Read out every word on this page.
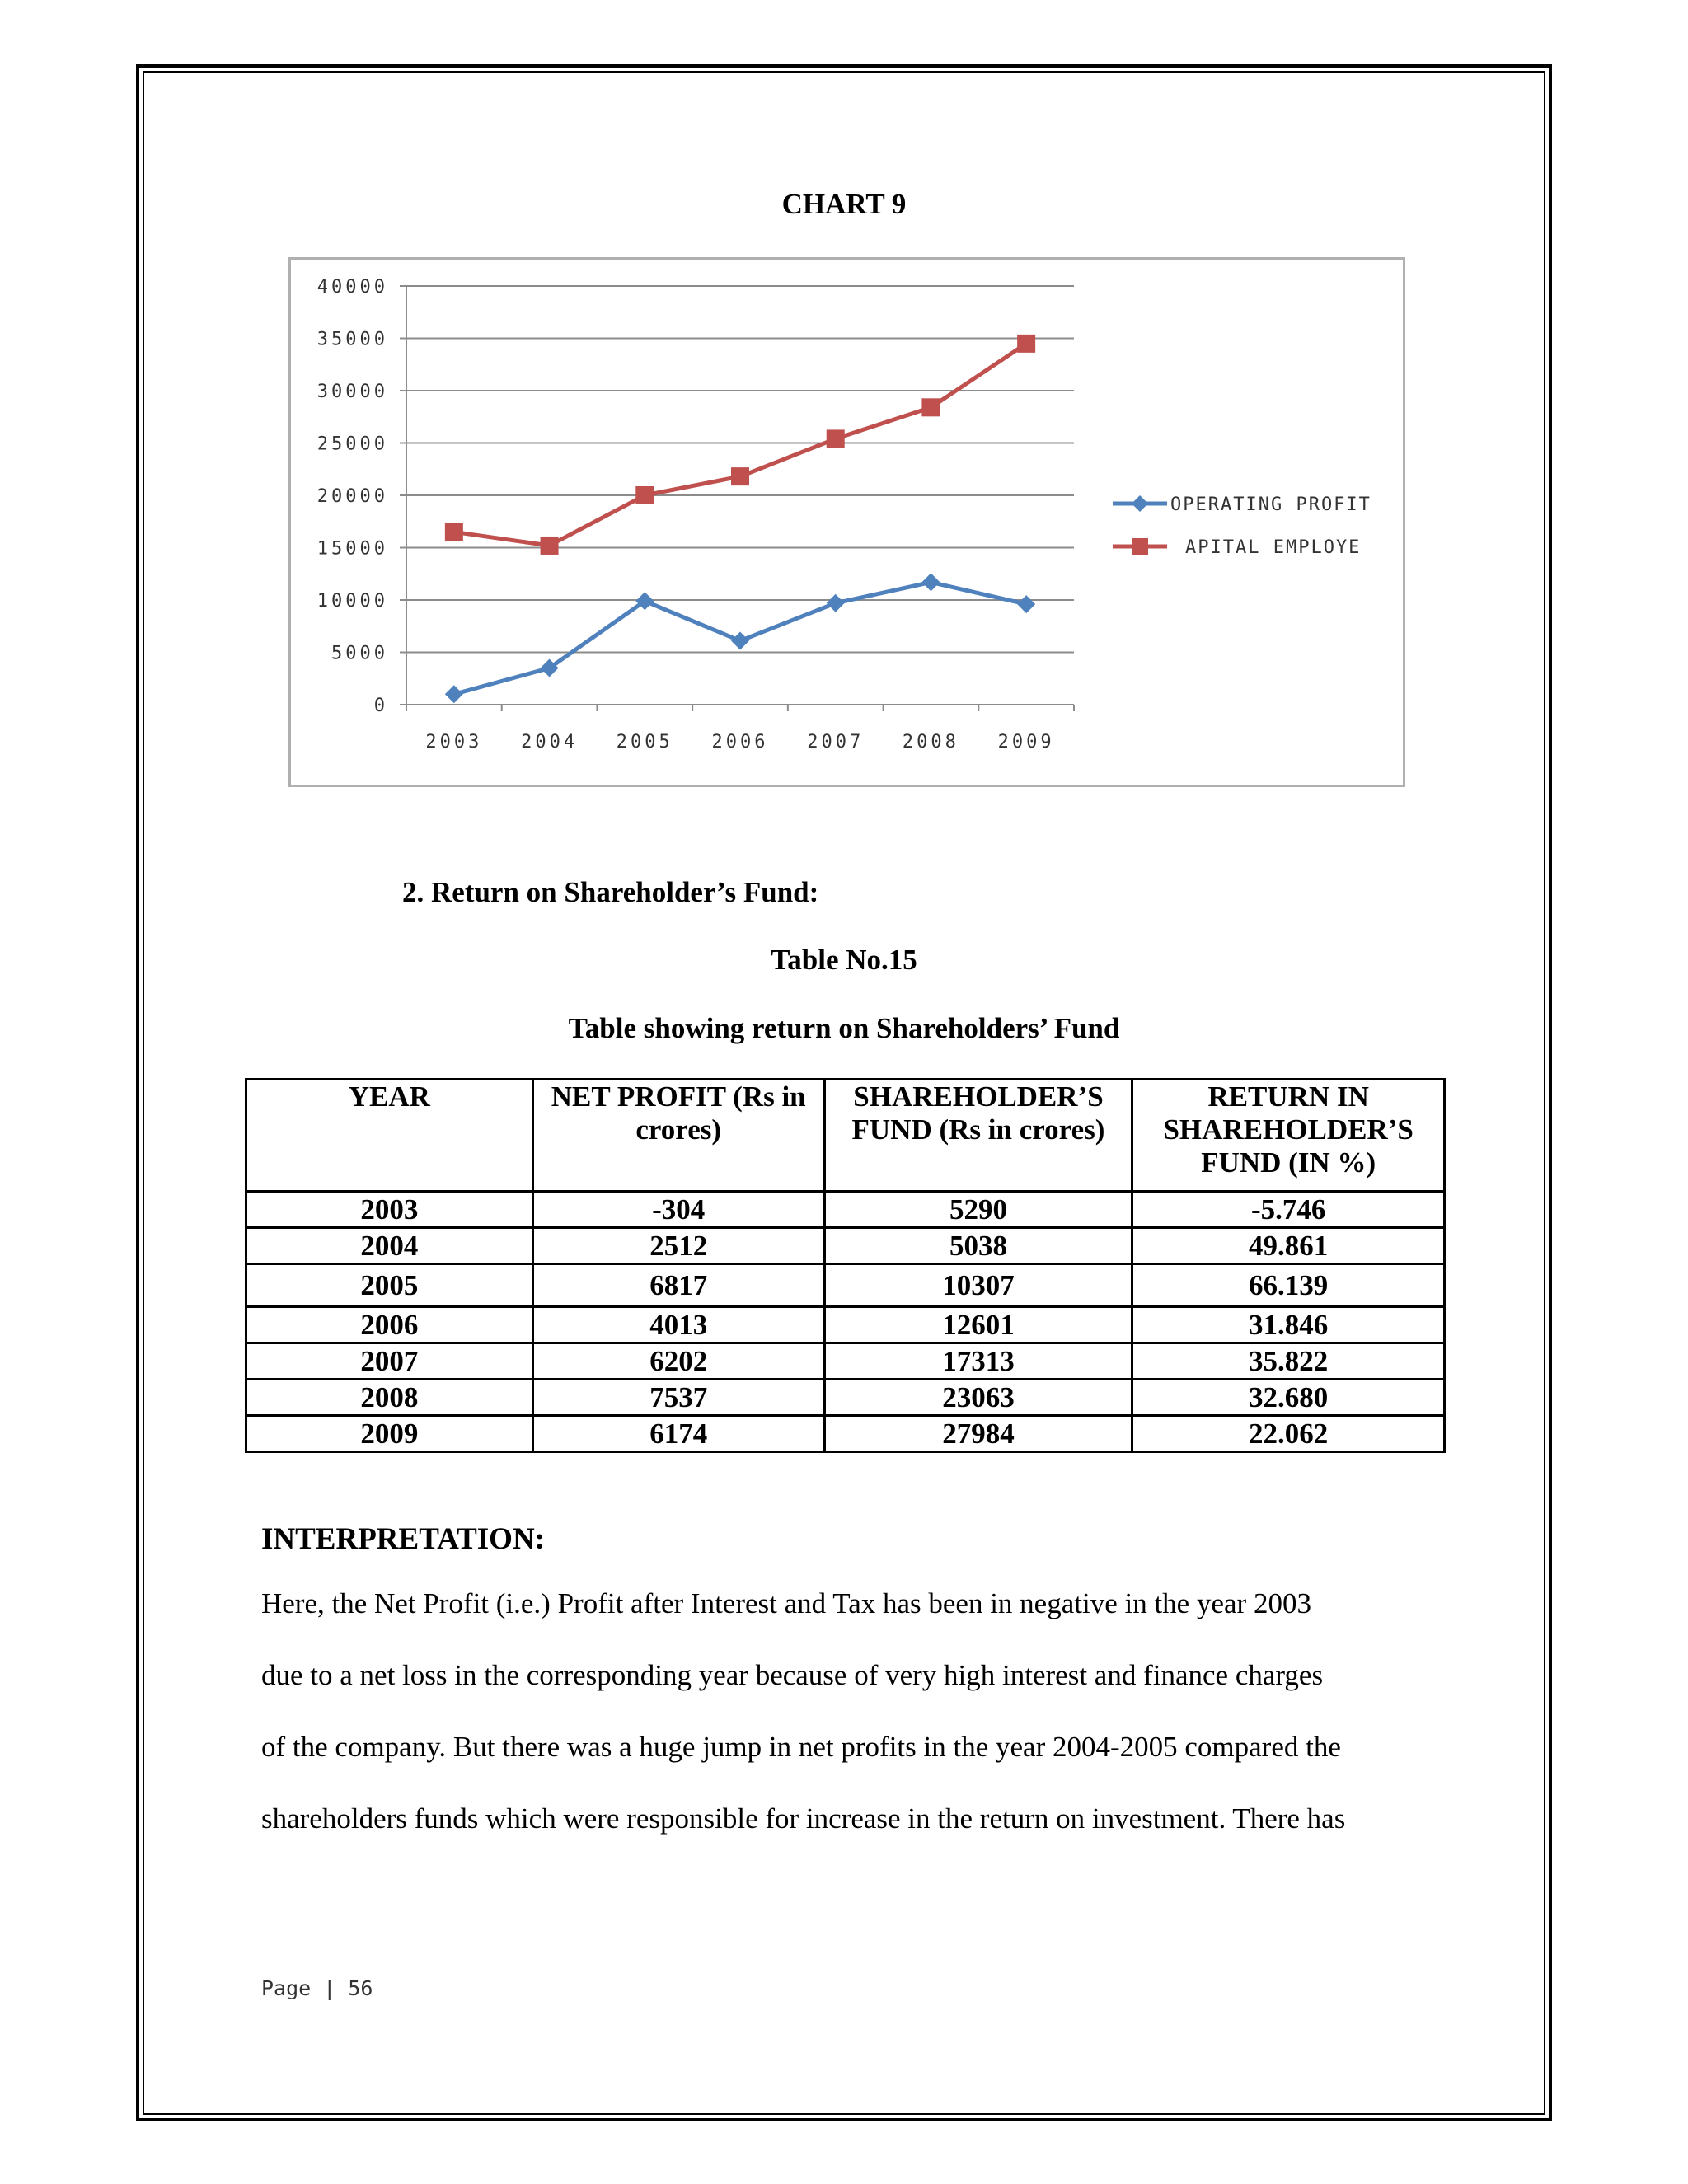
CHART 9
40000
35000
30000
25000
20000
15000
10000
5000
0
2003 2004 2005 2006 2007 2008 2009
OPERATING PROFIT
APITAL EMPLOYE
2. Return on Shareholder’s Fund:
Table No.15
Table showing return on Shareholders’ Fund
YEAR	NET PROFIT (Rs in crores)	SHAREHOLDER’S FUND (Rs in crores)	RETURN IN SHAREHOLDER’S FUND (IN %)
2003	-304	5290	-5.746
2004	2512	5038	49.861
2005	6817	10307	66.139
2006	4013	12601	31.846
2007	6202	17313	35.822
2008	7537	23063	32.680
2009	6174	27984	22.062
INTERPRETATION:
Here, the Net Profit (i.e.) Profit after Interest and Tax has been in negative in the year 2003
due to a net loss in the corresponding year because of very high interest and finance charges
of the company. But there was a huge jump in net profits in the year 2004-2005 compared the
shareholders funds which were responsible for increase in the return on investment. There has
Page | 56
